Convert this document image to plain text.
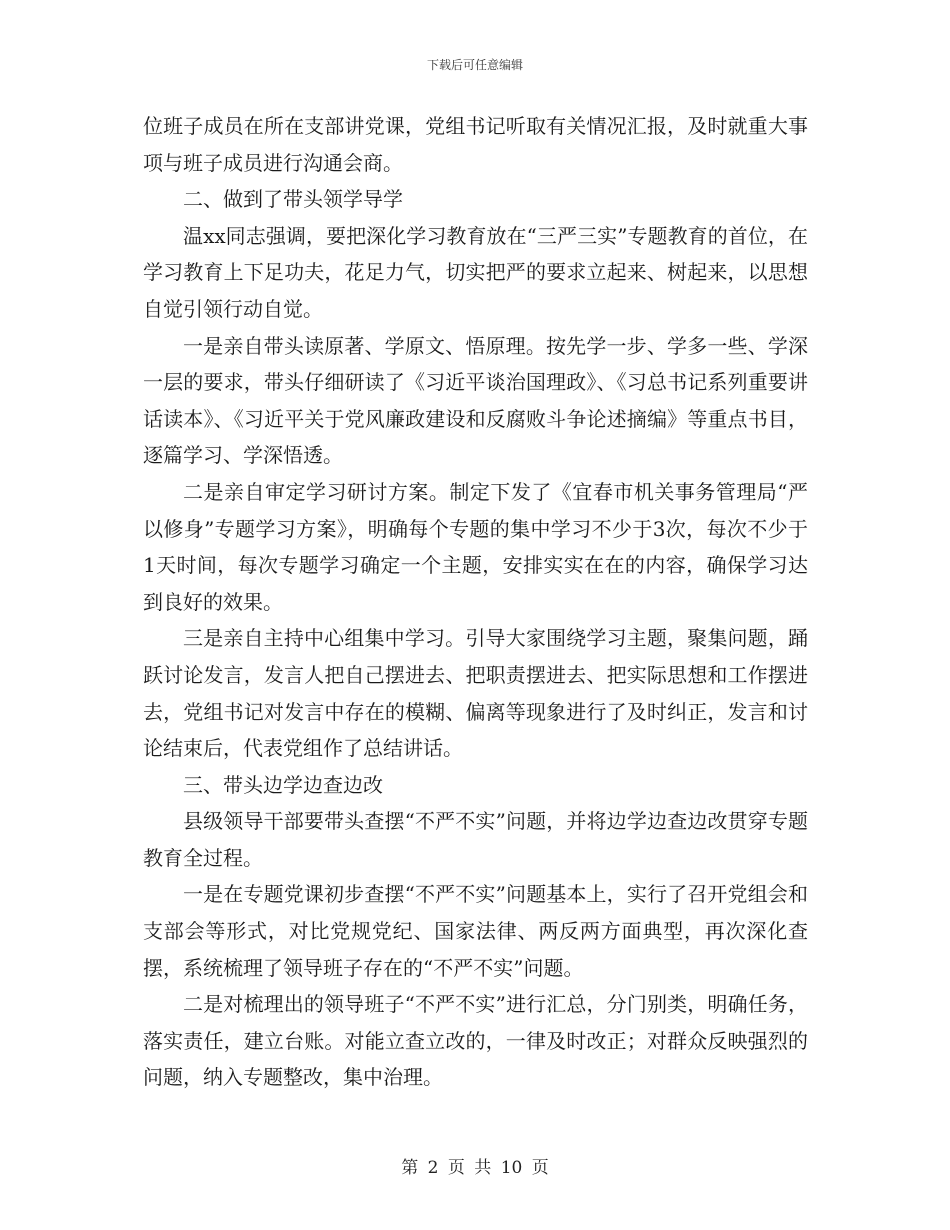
下载后可任意编辑

位班子成员在所在支部讲党课，党组书记听取有关情况汇报，及时就重大事项与班子成员进行沟通会商。

二、做到了带头领学导学

温xx同志强调，要把深化学习教育放在“三严三实”专题教育的首位，在学习教育上下足功夫，花足力气，切实把严的要求立起来、树起来，以思想自觉引领行动自觉。

一是亲自带头读原著、学原文、悟原理。按先学一步、学多一些、学深一层的要求，带头仔细研读了《习近平谈治国理政》、《习总书记系列重要讲话读本》、《习近平关于党风廉政建设和反腐败斗争论述摘编》等重点书目，逐篇学习、学深悟透。

二是亲自审定学习研讨方案。制定下发了《宜春市机关事务管理局“严以修身”专题学习方案》，明确每个专题的集中学习不少于3次，每次不少于1天时间，每次专题学习确定一个主题，安排实实在在的内容，确保学习达到良好的效果。

三是亲自主持中心组集中学习。引导大家围绕学习主题，聚集问题，踊跃讨论发言，发言人把自己摆进去、把职责摆进去、把实际思想和工作摆进去，党组书记对发言中存在的模糊、偏离等现象进行了及时纠正，发言和讨论结束后，代表党组作了总结讲话。

三、带头边学边查边改

县级领导干部要带头查摆“不严不实”问题，并将边学边查边改贯穿专题教育全过程。

一是在专题党课初步查摆“不严不实”问题基本上，实行了召开党组会和支部会等形式，对比党规党纪、国家法律、两反两方面典型，再次深化查摆，系统梳理了领导班子存在的“不严不实”问题。

二是对梳理出的领导班子“不严不实”进行汇总，分门别类，明确任务，落实责任，建立台账。对能立查立改的，一律及时改正；对群众反映强烈的问题，纳入专题整改，集中治理。

第 2 页 共 10 页
